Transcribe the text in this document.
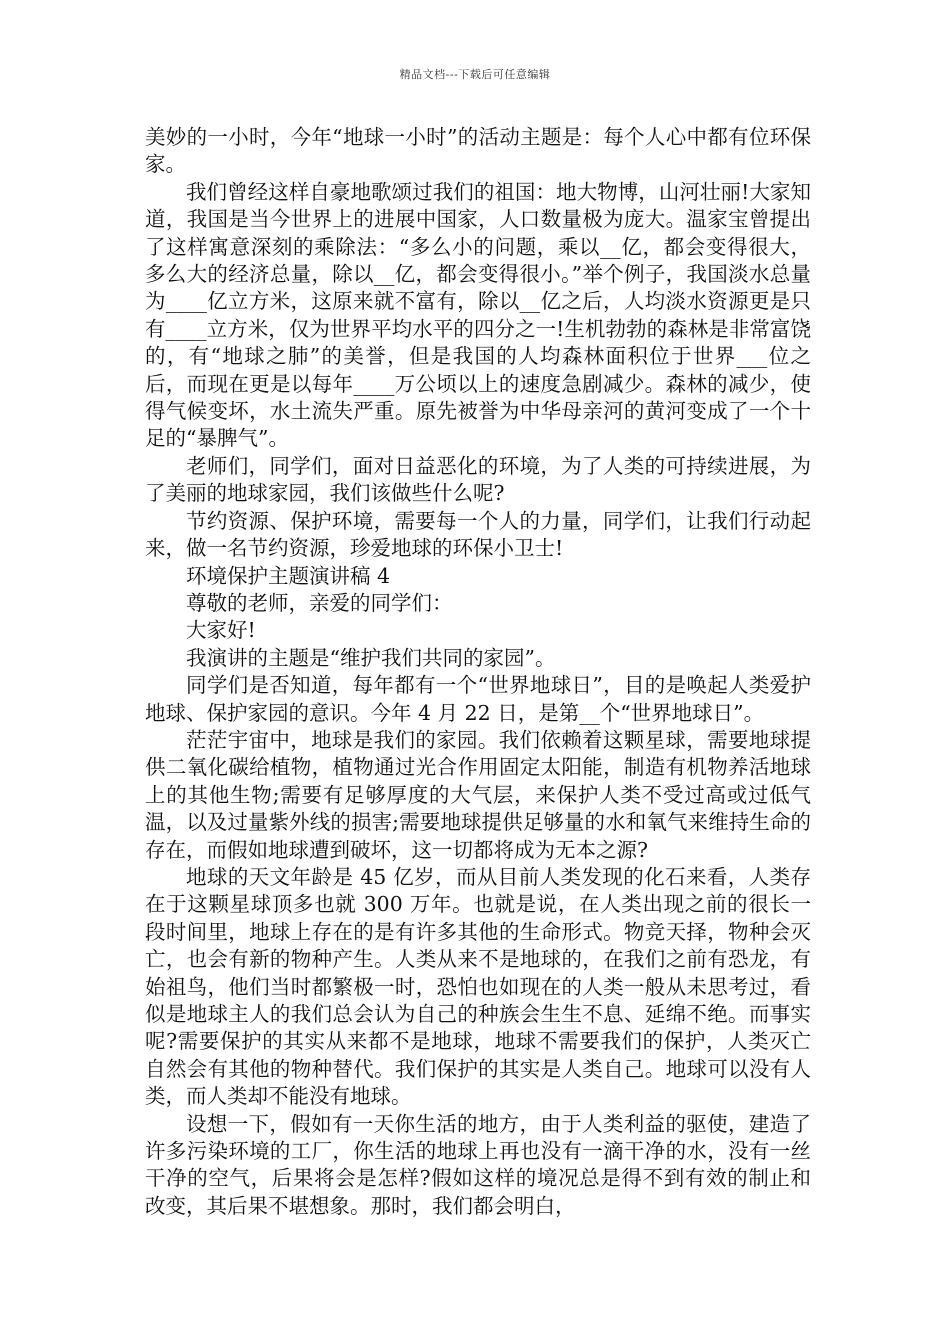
精品文档---下载后可任意编辑

美妙的一小时，今年“地球一小时”的活动主题是：每个人心中都有位环保家。

我们曾经这样自豪地歌颂过我们的祖国：地大物博，山河壮丽!大家知道，我国是当今世界上的进展中国家，人口数量极为庞大。温家宝曾提出了这样寓意深刻的乘除法：“多么小的问题，乘以__亿，都会变得很大，多么大的经济总量，除以__亿，都会变得很小。”举个例子，我国淡水总量为____亿立方米，这原来就不富有，除以__亿之后，人均淡水资源更是只有____立方米，仅为世界平均水平的四分之一!生机勃勃的森林是非常富饶的，有“地球之肺”的美誉，但是我国的人均森林面积位于世界___位之后，而现在更是以每年____万公顷以上的速度急剧减少。森林的减少，使得气候变坏，水土流失严重。原先被誉为中华母亲河的黄河变成了一个十足的“暴脾气”。

老师们，同学们，面对日益恶化的环境，为了人类的可持续进展，为了美丽的地球家园，我们该做些什么呢?

节约资源、保护环境，需要每一个人的力量，同学们，让我们行动起来，做一名节约资源，珍爱地球的环保小卫士!

环境保护主题演讲稿 4

尊敬的老师，亲爱的同学们：

大家好!

我演讲的主题是“维护我们共同的家园”。

同学们是否知道，每年都有一个“世界地球日”，目的是唤起人类爱护地球、保护家园的意识。今年 4 月 22 日，是第__个“世界地球日”。

茫茫宇宙中，地球是我们的家园。我们依赖着这颗星球，需要地球提供二氧化碳给植物，植物通过光合作用固定太阳能，制造有机物养活地球上的其他生物;需要有足够厚度的大气层，来保护人类不受过高或过低气温，以及过量紫外线的损害;需要地球提供足够量的水和氧气来维持生命的存在，而假如地球遭到破坏，这一切都将成为无本之源?

地球的天文年龄是 45 亿岁，而从目前人类发现的化石来看，人类存在于这颗星球顶多也就 300 万年。也就是说，在人类出现之前的很长一段时间里，地球上存在的是有许多其他的生命形式。物竞天择，物种会灭亡，也会有新的物种产生。人类从来不是地球的，在我们之前有恐龙，有始祖鸟，他们当时都繁极一时，恐怕也如现在的人类一般从未思考过，看似是地球主人的我们总会认为自己的种族会生生不息、延绵不绝。而事实呢?需要保护的其实从来都不是地球，地球不需要我们的保护，人类灭亡自然会有其他的物种替代。我们保护的其实是人类自己。地球可以没有人类，而人类却不能没有地球。

设想一下，假如有一天你生活的地方，由于人类利益的驱使，建造了许多污染环境的工厂，你生活的地球上再也没有一滴干净的水，没有一丝干净的空气，后果将会是怎样?假如这样的境况总是得不到有效的制止和改变，其后果不堪想象。那时，我们都会明白，
